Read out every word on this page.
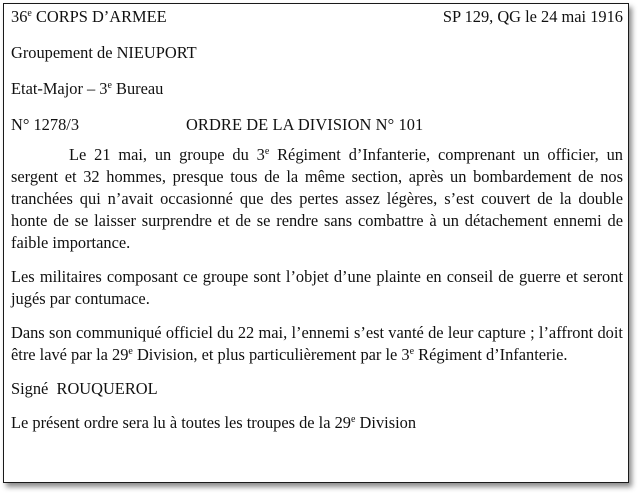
36e CORPS D’ARMEE	SP 129, QG le 24 mai 1916
Groupement de NIEUPORT
Etat-Major – 3e Bureau
N° 1278/3	ORDRE DE LA DIVISION N° 101

Le 21 mai, un groupe du 3e Régiment d’Infanterie, comprenant un officier, un sergent et 32 hommes, presque tous de la même section, après un bombardement de nos tranchées qui n’avait occasionné que des pertes assez légères, s’est couvert de la double honte de se laisser surprendre et de se rendre sans combattre à un détachement ennemi de faible importance.

Les militaires composant ce groupe sont l’objet d’une plainte en conseil de guerre et seront jugés par contumace.

Dans son communiqué officiel du 22 mai, l’ennemi s’est vanté de leur capture ; l’affront doit être lavé par la 29e Division, et plus particulièrement par le 3e Régiment d’Infanterie.

Signé  ROUQUEROL
Le présent ordre sera lu à toutes les troupes de la 29e Division
